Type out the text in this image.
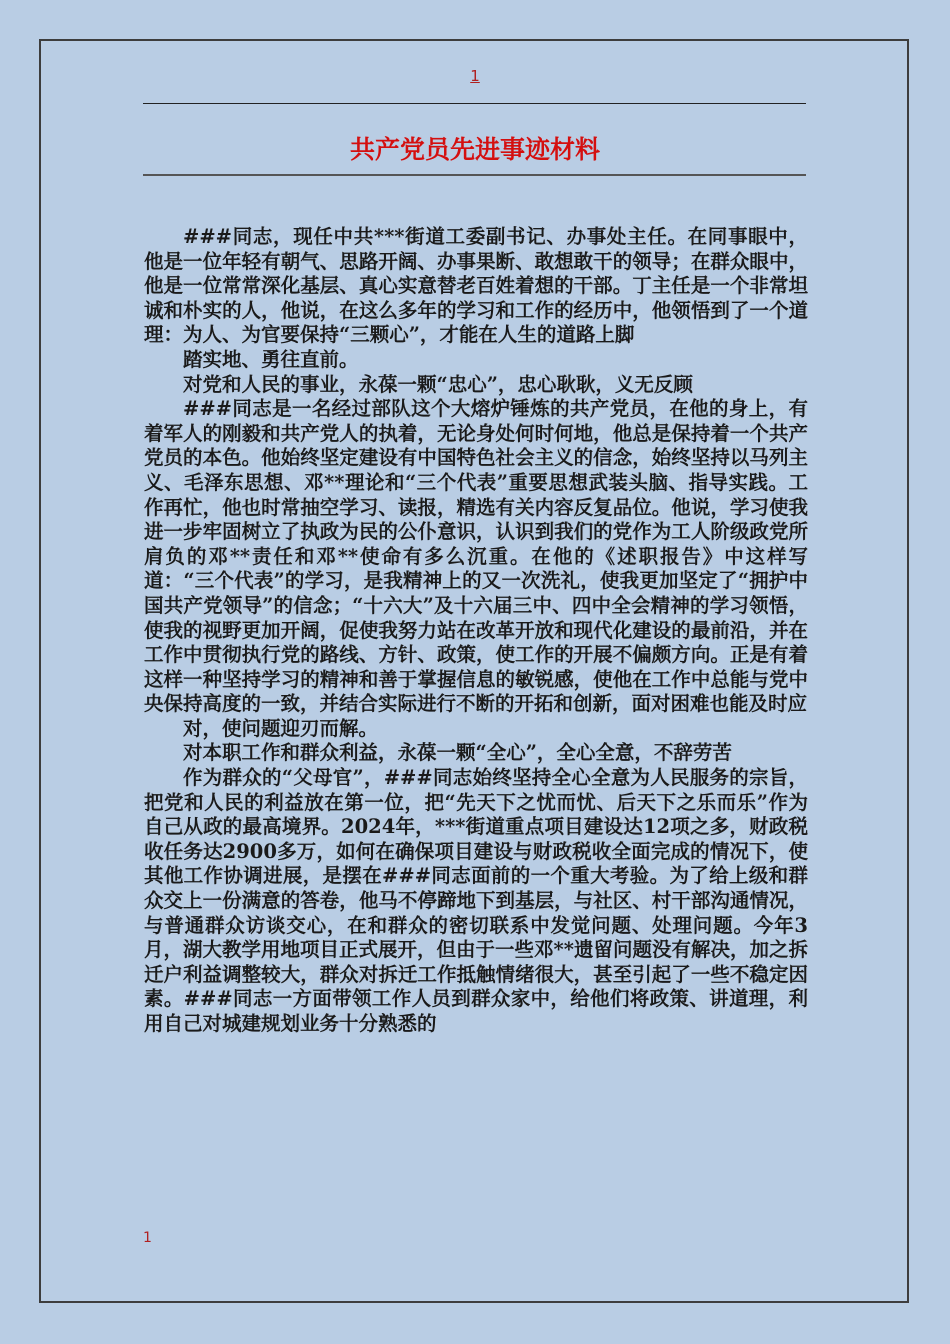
1
共产党员先进事迹材料

###同志，现任中共***街道工委副书记、办事处主任。在同事眼中，他是一位年轻有朝气、思路开阔、办事果断、敢想敢干的领导；在群众眼中，他是一位常常深化基层、真心实意替老百姓着想的干部。丁主任是一个非常坦诚和朴实的人，他说，在这么多年的学习和工作的经历中，他领悟到了一个道理：为人、为官要保持“三颗心”，才能在人生的道路上脚

踏实地、勇往直前。

对党和人民的事业，永葆一颗“忠心”，忠心耿耿，义无反顾

###同志是一名经过部队这个大熔炉锤炼的共产党员，在他的身上，有着军人的刚毅和共产党人的执着，无论身处何时何地，他总是保持着一个共产党员的本色。他始终坚定建设有中国特色社会主义的信念，始终坚持以马列主义、毛泽东思想、邓**理论和“三个代表”重要思想武装头脑、指导实践。工作再忙，他也时常抽空学习、读报，精选有关内容反复品位。他说，学习使我进一步牢固树立了执政为民的公仆意识，认识到我们的党作为工人阶级政党所肩负的邓**责任和邓**使命有多么沉重。在他的《述职报告》中这样写道：“三个代表”的学习，是我精神上的又一次洗礼，使我更加坚定了“拥护中国共产党领导”的信念；“十六大”及十六届三中、四中全会精神的学习领悟，使我的视野更加开阔，促使我努力站在改革开放和现代化建设的最前沿，并在工作中贯彻执行党的路线、方针、政策，使工作的开展不偏颇方向。正是有着这样一种坚持学习的精神和善于掌握信息的敏锐感，使他在工作中总能与党中央保持高度的一致，并结合实际进行不断的开拓和创新，面对困难也能及时应

对，使问题迎刃而解。

对本职工作和群众利益，永葆一颗“全心”，全心全意，不辞劳苦

作为群众的“父母官”，###同志始终坚持全心全意为人民服务的宗旨，把党和人民的利益放在第一位，把“先天下之忧而忧、后天下之乐而乐”作为自己从政的最高境界。2024年，***街道重点项目建设达12项之多，财政税收任务达2900多万，如何在确保项目建设与财政税收全面完成的情况下，使其他工作协调进展，是摆在###同志面前的一个重大考验。为了给上级和群众交上一份满意的答卷，他马不停蹄地下到基层，与社区、村干部沟通情况，与普通群众访谈交心，在和群众的密切联系中发觉问题、处理问题。今年3月，湖大教学用地项目正式展开，但由于一些邓**遗留问题没有解决，加之拆迁户利益调整较大，群众对拆迁工作抵触情绪很大，甚至引起了一些不稳定因素。###同志一方面带领工作人员到群众家中，给他们将政策、讲道理，利用自己对城建规划业务十分熟悉的

1
